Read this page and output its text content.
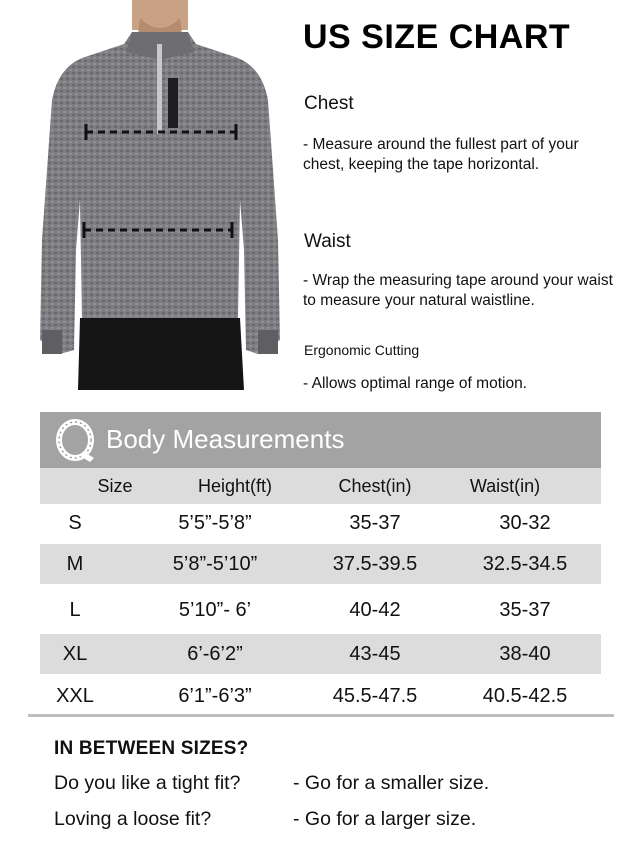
US SIZE CHART
Chest
- Measure around the fullest part of your chest, keeping the tape horizontal.
Waist
- Wrap the measuring tape around your waist to measure your natural waistline.
Ergonomic Cutting
- Allows optimal range of motion.
Body Measurements
Size	Height(ft)	Chest(in)	Waist(in)
S	5’5”-5’8”	35-37	30-32
M	5’8”-5’10”	37.5-39.5	32.5-34.5
L	5’10”- 6’	40-42	35-37
XL	6’-6’2”	43-45	38-40
XXL	6’1”-6’3”	45.5-47.5	40.5-42.5
IN BETWEEN SIZES?
Do you like a tight fit?	- Go for a smaller size.
Loving a loose fit?	- Go for a larger size.
